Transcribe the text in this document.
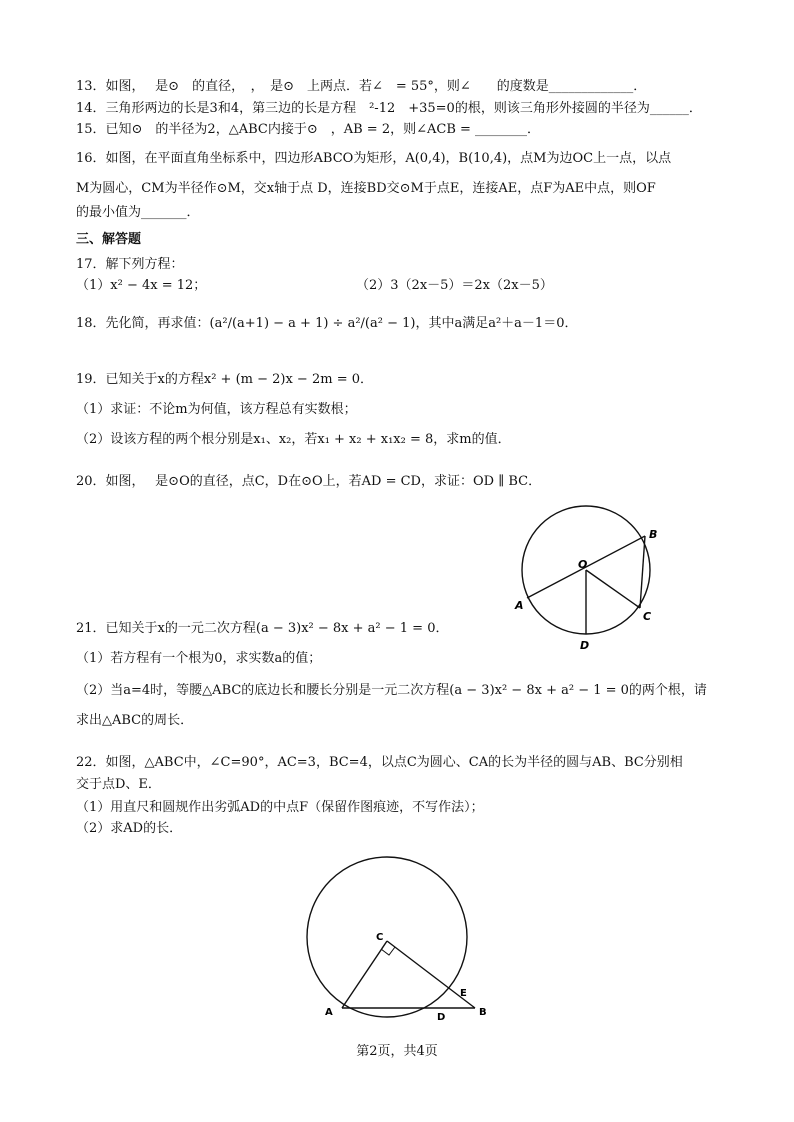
13．如图，　 是⊙　的直径，　，　是⊙　上两点．若∠　= 55°，则∠　　的度数是_____________．
14．三角形两边的长是3和4，第三边的长是方程　²-12　+35=0的根，则该三角形外接圆的半径为______．
15．已知⊙　的半径为2，△ABC内接于⊙　，AB = 2，则∠ACB = ________．
16．如图，在平面直角坐标系中，四边形ABCO为矩形，A(0,4)，B(10,4)，点M为边OC上一点，以点
M为圆心，CM为半径作⊙M，交x轴于点 D，连接BD交⊙M于点E，连接AE，点F为AE中点，则OF
的最小值为_______．
三、解答题
17．解下列方程：
（1）x² − 4x = 12；	（2）3（2x－5）＝2x（2x－5）
18．先化简，再求值：(a²/(a+1) − a + 1) ÷ a²/(a² − 1)，其中a满足a²＋a－1＝0．
19．已知关于x的方程x² + (m − 2)x − 2m = 0．
（1）求证：不论m为何值，该方程总有实数根；
（2）设该方程的两个根分别是x₁、x₂，若x₁ + x₂ + x₁x₂ = 8，求m的值．
20．如图，　 是⊙O的直径，点C，D在⊙O上，若AD = CD，求证：OD ∥ BC．
O
B
C
A
D
21．已知关于x的一元二次方程(a − 3)x² − 8x + a² − 1 = 0．
（1）若方程有一个根为0，求实数a的值；
（2）当a=4时，等腰△ABC的底边长和腰长分别是一元二次方程(a − 3)x² − 8x + a² − 1 = 0的两个根，请
求出△ABC的周长．
22．如图，△ABC中，∠C=90°，AC=3，BC=4，以点C为圆心、CA的长为半径的圆与AB、BC分别相
交于点D、E．
（1）用直尺和圆规作出劣弧AD的中点F（保留作图痕迹，不写作法）；
（2）求AD的长．
C
A	D	B
E
第2页，共4页
